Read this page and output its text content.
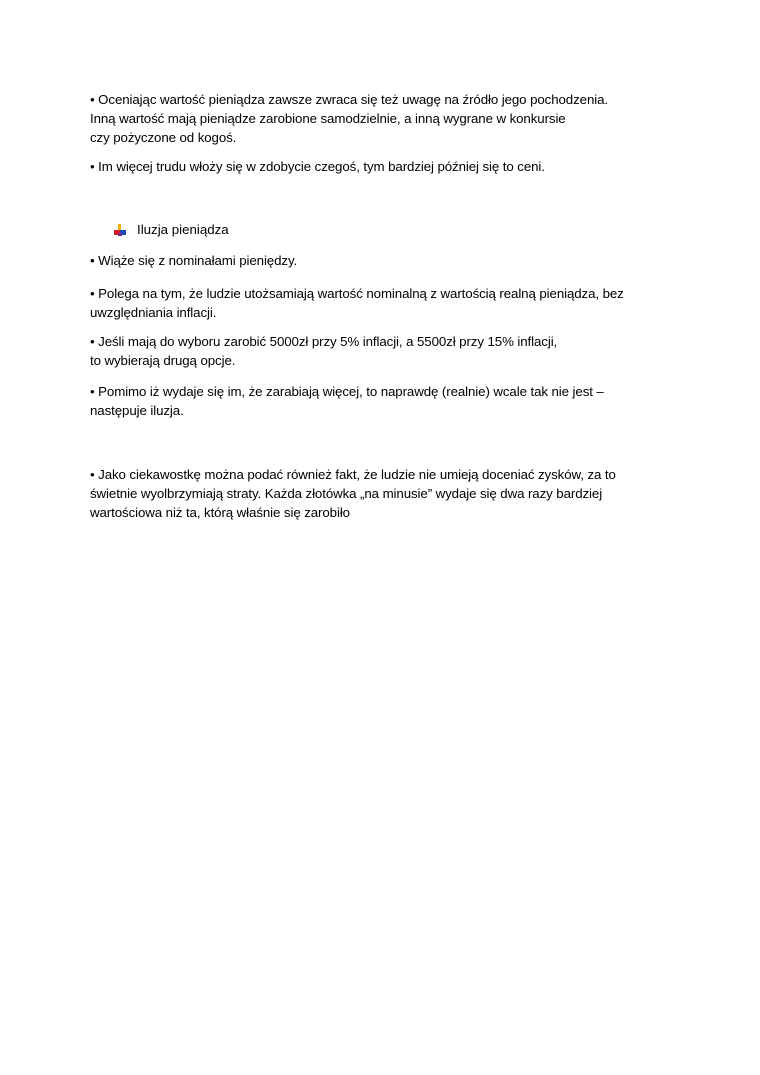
• Oceniając wartość pieniądza zawsze zwraca się też uwagę na źródło jego pochodzenia.
Inną wartość mają pieniądze zarobione samodzielnie, a inną wygrane w konkursie
czy pożyczone od kogoś.
• Im więcej trudu włoży się w zdobycie czegoś, tym bardziej później się to ceni.
Iluzja pieniądza
• Wiąże się z nominałami pieniędzy.
• Polega na tym, że ludzie utożsamiają wartość nominalną z wartością realną pieniądza, bez
uwzględniania inflacji.
• Jeśli mają do wyboru zarobić 5000zł przy 5% inflacji, a 5500zł przy 15% inflacji,
to wybierają drugą opcje.
• Pomimo iż wydaje się im, że zarabiają więcej, to naprawdę (realnie) wcale tak nie jest –
następuje iluzja.
• Jako ciekawostkę można podać również fakt, że ludzie nie umieją doceniać zysków, za to
świetnie wyolbrzymiają straty. Każda złotówka „na minusie” wydaje się dwa razy bardziej
wartościowa niż ta, którą właśnie się zarobiło
